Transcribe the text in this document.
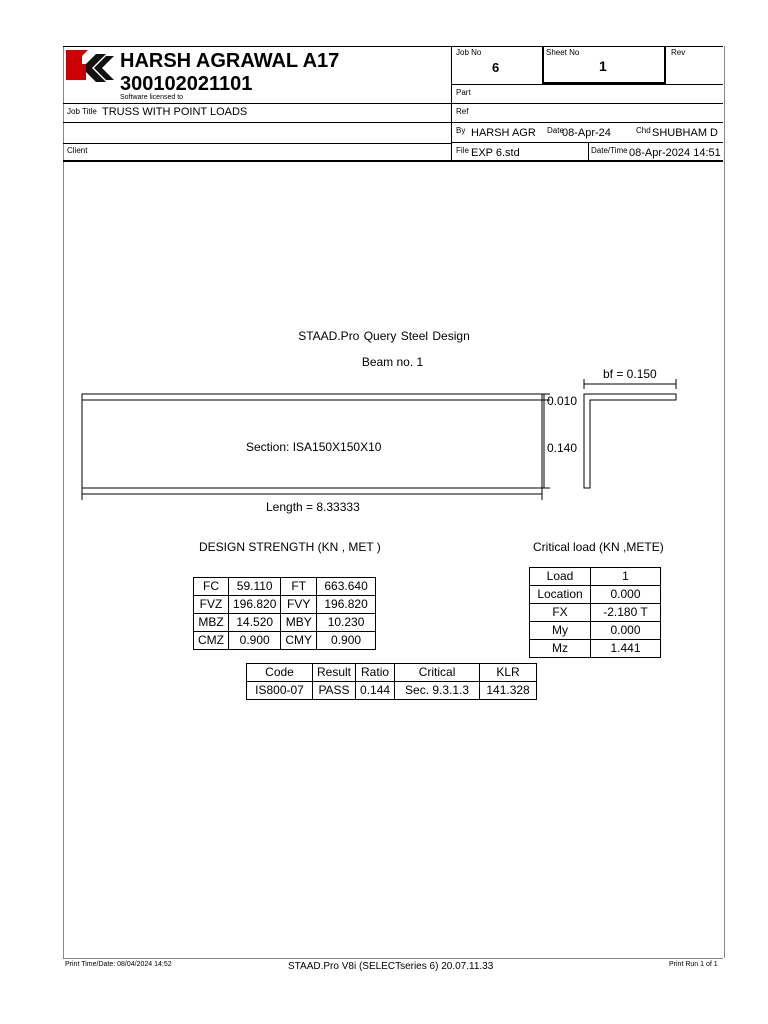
HARSH AGRAWAL A17
300102021101
Software licensed to
Job No
6
Sheet No
1
Rev
Part
Ref
Job Title TRUSS WITH POINT LOADS
By HARSH AGR Date
08-Apr-24	Chd SHUBHAM D
Client	File EXP 6.std	Date/Time 08-Apr-2024 14:51
STAAD.Pro Query Steel Design
Beam no. 1
Section: ISA150X150X10
Length = 8.33333
bf = 0.150
0.010
0.140
DESIGN STRENGTH (KN , MET )	Critical load (KN ,METE)
FC	59.110	FT	663.640
FVZ	196.820	FVY	196.820
MBZ	14.520	MBY	10.230
CMZ	0.900	CMY	0.900
Load	1
Location	0.000
FX	-2.180 T
My	0.000
Mz	1.441
Code	Result	Ratio	Critical	KLR
IS800-07	PASS	0.144	Sec. 9.3.1.3	141.328
Print Time/Date: 08/04/2024 14:52	STAAD.Pro V8i (SELECTseries 6) 20.07.11.33	Print Run 1 of 1
